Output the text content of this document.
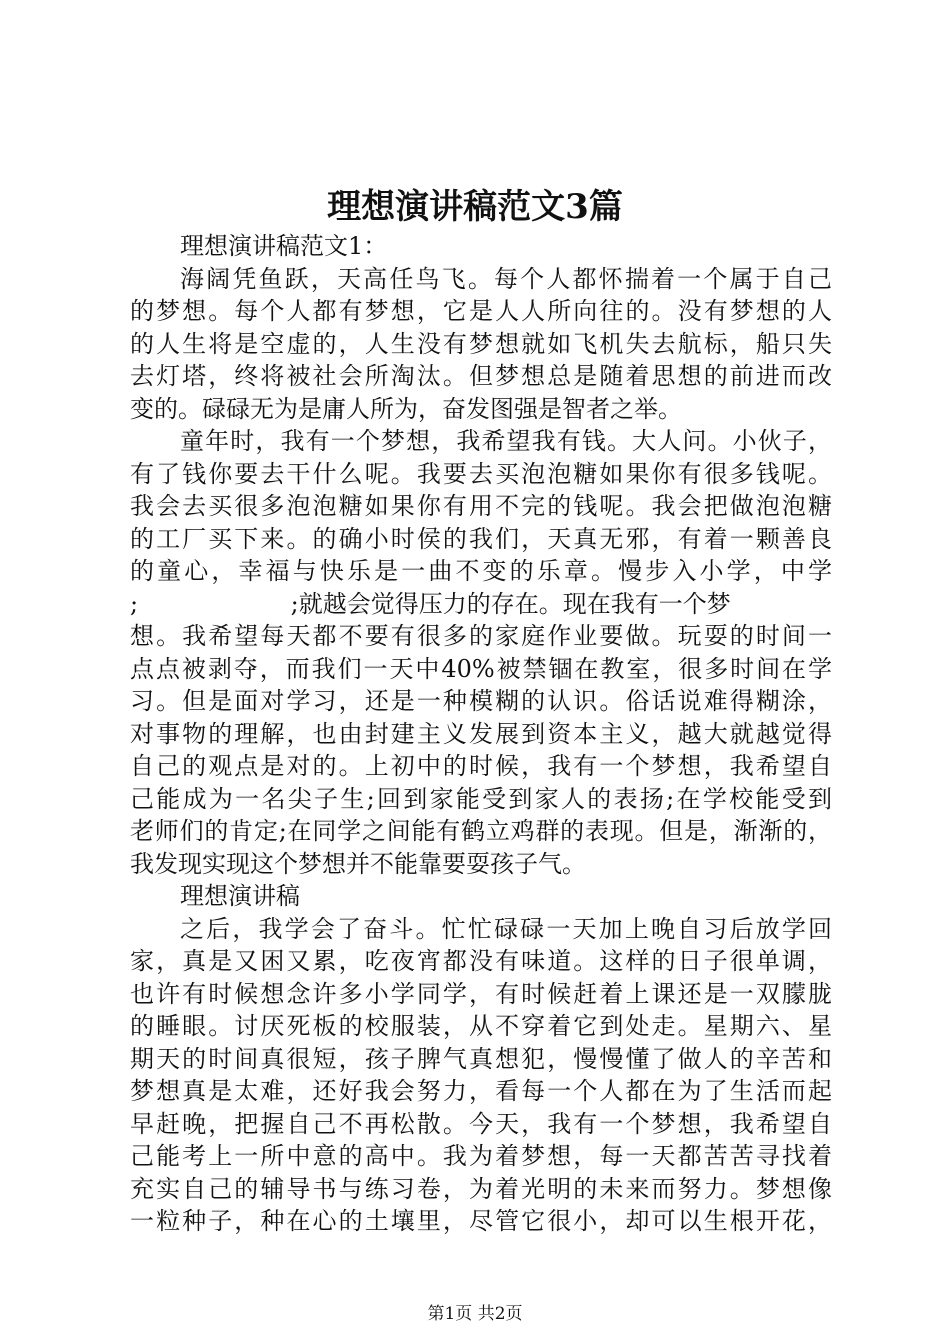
理想演讲稿范文3篇
理想演讲稿范文1：
海阔凭鱼跃，天高任鸟飞。每个人都怀揣着一个属于自己
的梦想。每个人都有梦想，它是人人所向往的。没有梦想的人
的人生将是空虚的，人生没有梦想就如飞机失去航标，船只失
去灯塔，终将被社会所淘汰。但梦想总是随着思想的前进而改
变的。碌碌无为是庸人所为，奋发图强是智者之举。
童年时，我有一个梦想，我希望我有钱。大人问。小伙子，
有了钱你要去干什么呢。我要去买泡泡糖如果你有很多钱呢。
我会去买很多泡泡糖如果你有用不完的钱呢。我会把做泡泡糖
的工厂买下来。的确小时侯的我们，天真无邪，有着一颗善良
的童心，幸福与快乐是一曲不变的乐章。慢步入小学，中学
;                    ;就越会觉得压力的存在。现在我有一个梦
想。我希望每天都不要有很多的家庭作业要做。玩耍的时间一
点点被剥夺，而我们一天中40%被禁锢在教室，很多时间在学
习。但是面对学习，还是一种模糊的认识。俗话说难得糊涂，
对事物的理解，也由封建主义发展到资本主义，越大就越觉得
自己的观点是对的。上初中的时候，我有一个梦想，我希望自
己能成为一名尖子生;回到家能受到家人的表扬;在学校能受到
老师们的肯定;在同学之间能有鹤立鸡群的表现。但是，渐渐的，
我发现实现这个梦想并不能靠要耍孩子气。
理想演讲稿
之后，我学会了奋斗。忙忙碌碌一天加上晚自习后放学回
家，真是又困又累，吃夜宵都没有味道。这样的日子很单调，
也许有时候想念许多小学同学，有时候赶着上课还是一双朦胧
的睡眼。讨厌死板的校服装，从不穿着它到处走。星期六、星
期天的时间真很短，孩子脾气真想犯，慢慢懂了做人的辛苦和
梦想真是太难，还好我会努力，看每一个人都在为了生活而起
早赶晚，把握自己不再松散。今天，我有一个梦想，我希望自
己能考上一所中意的高中。我为着梦想，每一天都苦苦寻找着
充实自己的辅导书与练习卷，为着光明的未来而努力。梦想像
一粒种子，种在心的土壤里，尽管它很小，却可以生根开花，
第1页 共2页
